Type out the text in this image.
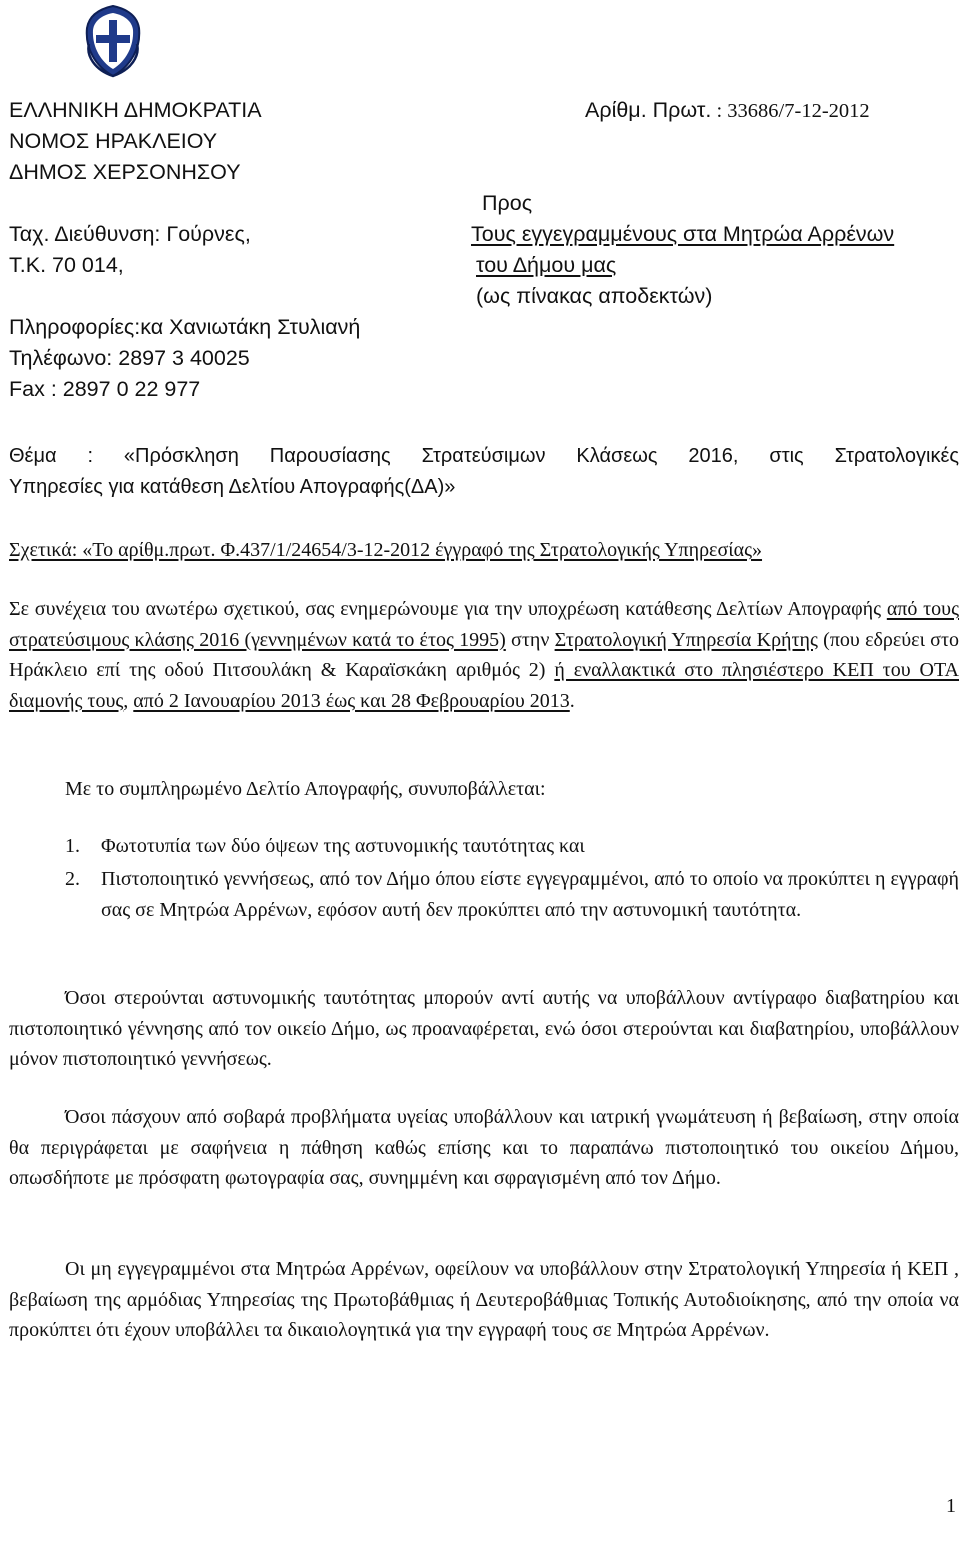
ΕΛΛΗΝΙΚΗ ΔΗΜΟΚΡΑΤΙΑ
ΝΟΜΟΣ ΗΡΑΚΛΕΙΟΥ
ΔΗΜΟΣ ΧΕΡΣΟΝΗΣΟΥ
Ταχ. Διεύθυνση: Γούρνες,
Τ.Κ. 70 014,
Πληροφορίες:κα Χανιωτάκη Στυλιανή
Τηλέφωνο: 2897 3 40025
Fax : 2897 0 22 977
Αρίθμ. Πρωτ. : 33686/7-12-2012
Προς
Τους εγγεγραμμένους στα Μητρώα Αρρένων
του Δήμου μας
(ως πίνακας αποδεκτών)
Θέμα : «Πρόσκληση Παρουσίασης Στρατεύσιμων Κλάσεως 2016, στις Στρατολογικές
Υπηρεσίες για κατάθεση Δελτίου Απογραφής(ΔΑ)»
Σχετικά: «Το αρίθμ.πρωτ. Φ.437/1/24654/3-12-2012 έγγραφό της Στρατολογικής Υπηρεσίας»
Σε συνέχεια του ανωτέρω σχετικού, σας ενημερώνουμε για την υποχρέωση κατάθεσης Δελτίων Απογραφής από τους στρατεύσιμους κλάσης 2016 (γεννημένων κατά το έτος 1995) στην Στρατολογική Υπηρεσία Κρήτης (που εδρεύει στο Ηράκλειο επί της οδού Πιτσουλάκη & Καραϊσκάκη αριθμός 2) ή εναλλακτικά στο πλησιέστερο ΚΕΠ του ΟΤΑ διαμονής τους, από 2 Ιανουαρίου 2013 έως και 28 Φεβρουαρίου 2013.
Με το συμπληρωμένο Δελτίο Απογραφής, συνυποβάλλεται:
1. Φωτοτυπία των δύο όψεων της αστυνομικής ταυτότητας και
2. Πιστοποιητικό γεννήσεως, από τον Δήμο όπου είστε εγγεγραμμένοι, από το οποίο να προκύπτει η εγγραφή σας σε Μητρώα Αρρένων, εφόσον αυτή δεν προκύπτει από την αστυνομική ταυτότητα.
Όσοι στερούνται αστυνομικής ταυτότητας μπορούν αντί αυτής να υποβάλλουν αντίγραφο διαβατηρίου και πιστοποιητικό γέννησης από τον οικείο Δήμο, ως προαναφέρεται, ενώ όσοι στερούνται και διαβατηρίου, υποβάλλουν μόνον πιστοποιητικό γεννήσεως.
Όσοι πάσχουν από σοβαρά προβλήματα υγείας υποβάλλουν και ιατρική γνωμάτευση ή βεβαίωση, στην οποία θα περιγράφεται με σαφήνεια η πάθηση καθώς επίσης και το παραπάνω πιστοποιητικό του οικείου Δήμου, οπωσδήποτε με πρόσφατη φωτογραφία σας, συνημμένη και σφραγισμένη από τον Δήμο.
Οι μη εγγεγραμμένοι στα Μητρώα Αρρένων, οφείλουν να υποβάλλουν στην Στρατολογική Υπηρεσία ή ΚΕΠ , βεβαίωση της αρμόδιας Υπηρεσίας της Πρωτοβάθμιας ή Δευτεροβάθμιας Τοπικής Αυτοδιοίκησης, από την οποία να προκύπτει ότι έχουν υποβάλλει τα δικαιολογητικά για την εγγραφή τους σε Μητρώα Αρρένων.
1
